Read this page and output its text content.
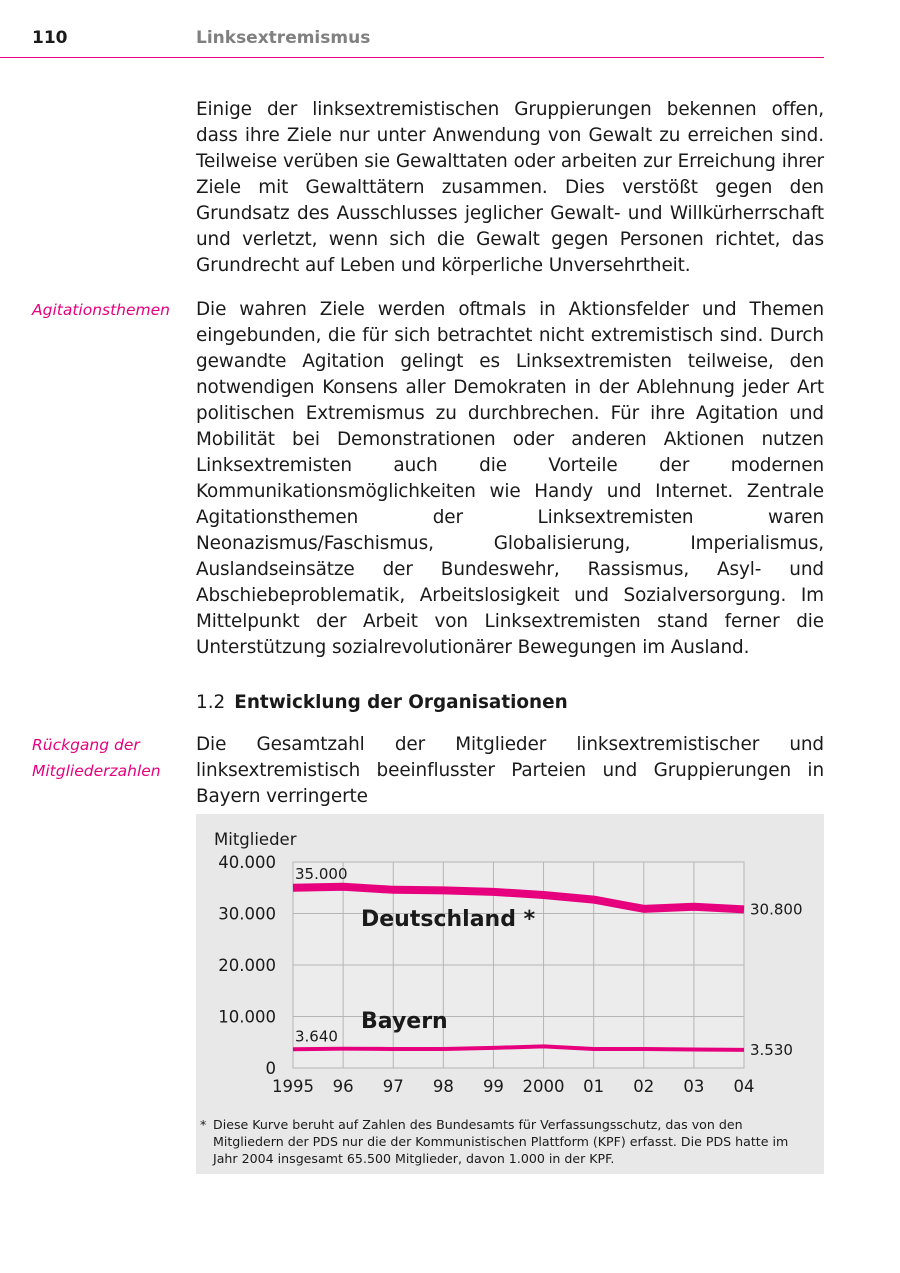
110	Linksextremismus

Einige der linksextremistischen Gruppierungen bekennen offen, dass ihre Ziele nur unter Anwendung von Gewalt zu erreichen sind. Teilweise verüben sie Gewalttaten oder arbeiten zur Erreichung ihrer Ziele mit Gewalttätern zusammen. Dies verstößt gegen den Grundsatz des Ausschlusses jeglicher Gewalt- und Willkürherrschaft und verletzt, wenn sich die Gewalt gegen Personen richtet, das Grundrecht auf Leben und körperliche Unversehrtheit.

Agitationsthemen	Die wahren Ziele werden oftmals in Aktionsfelder und Themen eingebunden, die für sich betrachtet nicht extremistisch sind. Durch gewandte Agitation gelingt es Linksextremisten teilweise, den notwendigen Konsens aller Demokraten in der Ablehnung jeder Art politischen Extremismus zu durchbrechen. Für ihre Agitation und Mobilität bei Demonstrationen oder anderen Aktionen nutzen Linksextremisten auch die Vorteile der modernen Kommunikationsmöglichkeiten wie Handy und Internet. Zentrale Agitationsthemen der Linksextremisten waren Neonazismus/Faschismus, Globalisierung, Imperialismus, Auslandseinsätze der Bundeswehr, Rassismus, Asyl- und Abschiebeproblematik, Arbeitslosigkeit und Sozialversorgung. Im Mittelpunkt der Arbeit von Linksextremisten stand ferner die Unterstützung sozialrevolutionärer Bewegungen im Ausland.

1.2 Entwicklung der Organisationen
Rückgang der
Mitgliederzahlen

Die Gesamtzahl der Mitglieder linksextremistischer und linksextremistisch beeinflusster Parteien und Gruppierungen in Bayern verringerte

0
10.000
20.000
30.000
40.000
1995 96 97 98 99 2000 01 02 03 04
Mitglieder
35.000
30.800
Deutschland *
3.640
3.530
Bayern
* Diese Kurve beruht auf Zahlen des Bundesamts für Verfassungsschutz, das von den Mitgliedern der PDS nur die der Kommunistischen Plattform (KPF) erfasst. Die PDS hatte im Jahr 2004 insgesamt 65.500 Mitglieder, davon 1.000 in der KPF.
